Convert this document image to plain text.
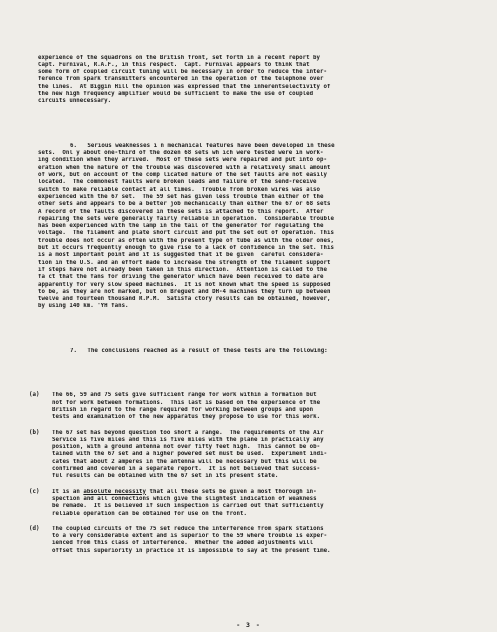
experience of the squadrons on the British front, set forth in a recent report by
Capt. Furnival, R.A.F., in this respect.  Capt. Furnival appears to think that
some form of coupled circuit tuning will be necessary in order to reduce the inter-
ference from spark transmitters encountered in the operation of the telephone over
the lines.  At Biggin Hill the opinion was expressed that the inherentselectivity of
the new high frequency amplifier would be sufficient to make the use of coupled
circuits unnecessary.

6.   Serious weaknesses i n mechanical features have been developed in these
sets.  Onl y about one-third of the dozen 68 sets wh ich were tested were in work-
ing condition when they arrived.  Most of these sets were repaired and put into op-
eration when the nature of the trouble was discovered with a relatively small amount
of work, but on account of the comp licated nature of the set faults are not easily
located.  The commonest faults were broken leads and failure of the send-receive
switch to make reliable contact at all times.  Trouble from broken wires was also
experienced with the 67 set.  The 59 set has given less trouble than either of the
other sets and appears to be a better job mechanically than either the 67 or 68 sets
A record of the faults discovered in these sets is attached to this report.  After
repairing the sets were generally fairly reliable in operation.  Considerable trouble
has been experienced with the lamp in the tail of the generator for regulating the
voltage.  The filament and plate short circuit and put the set out of operation. This
trouble does not occur as often with the present type of tube as with the older ones,
but it occurs frequently enough to give rise to a lack of confidence in the set. This
is a most important point and it is suggested that it be given  careful considera-
tion in the U.S. and an effort made to increase the strength of the filament support
if steps have not already been taken in this direction.  Attention is called to the
fa ct that the fans for driving the generator which have been received to date are
apparently for very slow speed machines.  It is not known what the speed is supposed
to be, as they are not marked, but on Breguet and DH-4 machines they turn up between
twelve and fourteen thousand R.P.M.  Satisfa ctory results can be obtained, however,
by using 140 km. 'YH fans.

7.   The conclusions reached as a result of these tests are the following:

(a) The 66, 59 and 75 sets give sufficient range for work within a formation but
not for work between formations.  This last is based on the experience of the
British in regard to the range required for working between groups and upon
tests and examination of the new apparatus they propose to use for this work.
(b) The 67 set has beyond question too short a range.  The requirements of the Air
Service is five miles and this is five miles with the plane in practically any
position, with a ground antenna not over fifty feet high.  This cannot be ob-
tained with the 67 set and a higher powered set must be used.  Experiment indi-
cates that about 2 amperes in the antenna will be necessary but this will be
confirmed and covered in a separate report.  It is not believed that success-
ful results can be obtained with the 67 set in its present state.
(c) It is an absolute necessity that all these sets be given a most thorough in-
spection and all connections which give the slightest indication of weakness
be remade.  It is believed if such inspection is carried out that sufficiently
reliable operation can be obtained for use on the front.
(d) The coupled circuits of the 75 set reduce the interference from spark stations
to a very considerable extent and is superior to the 59 where trouble is exper-
ienced from this class of interference.  Whether the added adjustments will
offset this superiority in practice it is impossible to say at the present time.

- 3 -
